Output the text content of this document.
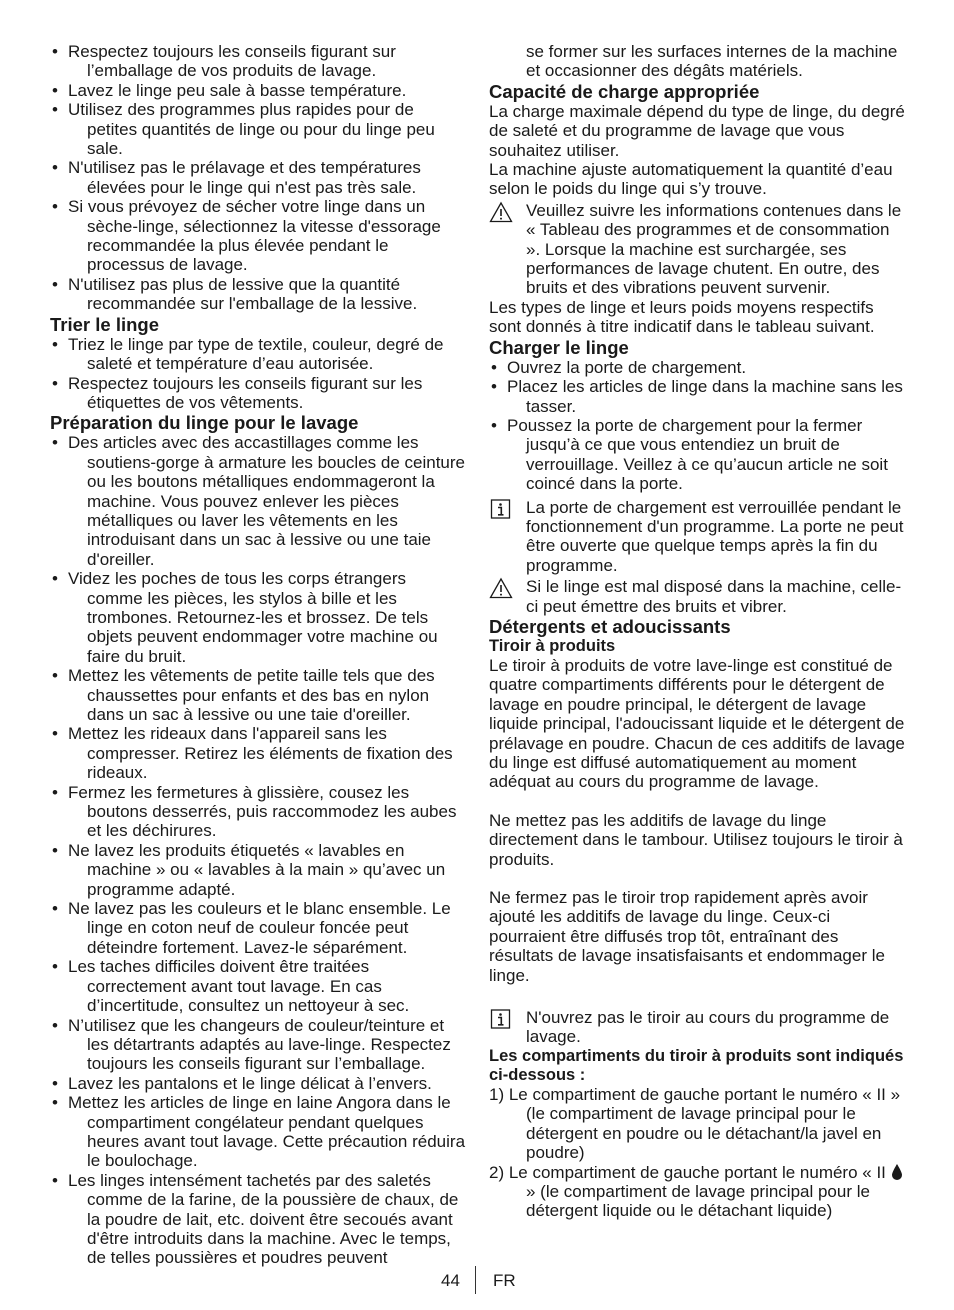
• Respectez toujours les conseils figurant sur l’emballage de vos produits de lavage.
• Lavez le linge peu sale à basse température.
• Utilisez des programmes plus rapides pour de petites quantités de linge ou pour du linge peu sale.
• N'utilisez pas le prélavage et des températures élevées pour le linge qui n'est pas très sale.
• Si vous prévoyez de sécher votre linge dans un sèche-linge, sélectionnez la vitesse d'essorage recommandée la plus élevée pendant le processus de lavage.
• N'utilisez pas plus de lessive que la quantité recommandée sur l'emballage de la lessive.

Trier le linge

• Triez le linge par type de textile, couleur, degré de saleté et température d’eau autorisée.
• Respectez toujours les conseils figurant sur les étiquettes de vos vêtements.

Préparation du linge pour le lavage

• Des articles avec des accastillages comme les soutiens-gorge à armature les boucles de ceinture ou les boutons métalliques endommageront la machine. Vous pouvez enlever les pièces métalliques ou laver les vêtements en les introduisant dans un sac à lessive ou une taie d'oreiller.
• Videz les poches de tous les corps étrangers comme les pièces, les stylos à bille et les trombones. Retournez-les et brossez. De tels objets peuvent endommager votre machine ou faire du bruit.
• Mettez les vêtements de petite taille tels que des chaussettes pour enfants et des bas en nylon dans un sac à lessive ou une taie d'oreiller.
• Mettez les rideaux dans l'appareil sans les compresser. Retirez les éléments de fixation des rideaux.
• Fermez les fermetures à glissière, cousez les boutons desserrés, puis raccommodez les aubes et les déchirures.
• Ne lavez les produits étiquetés « lavables en machine » ou « lavables à la main » qu’avec un programme adapté.
• Ne lavez pas les couleurs et le blanc ensemble. Le linge en coton neuf de couleur foncée peut déteindre fortement. Lavez-le séparément.
• Les taches difficiles doivent être traitées correctement avant tout lavage. En cas d’incertitude, consultez un nettoyeur à sec.
• N’utilisez que les changeurs de couleur/teinture et les détartrants adaptés au lave-linge. Respectez toujours les conseils figurant sur l’emballage.
• Lavez les pantalons et le linge délicat à l’envers.
• Mettez les articles de linge en laine Angora dans le compartiment congélateur pendant quelques heures avant tout lavage. Cette précaution réduira le boulochage.
• Les linges intensément tachetés par des saletés comme de la farine, de la poussière de chaux, de la poudre de lait, etc. doivent être secoués avant d'être introduits dans la machine. Avec le temps, de telles poussières et poudres peuvent

se former sur les surfaces internes de la machine et occasionner des dégâts matériels.

Capacité de charge appropriée

La charge maximale dépend du type de linge, du degré de saleté et du programme de lavage que vous souhaitez utiliser.

La machine ajuste automatiquement la quantité d’eau selon le poids du linge qui s’y trouve.

Veuillez suivre les informations contenues dans le « Tableau des programmes et de consommation ». Lorsque la machine est surchargée, ses performances de lavage chutent. En outre, des bruits et des vibrations peuvent survenir.

Les types de linge et leurs poids moyens respectifs sont donnés à titre indicatif dans le tableau suivant.

Charger le linge

• Ouvrez la porte de chargement.
• Placez les articles de linge dans la machine sans les tasser.
• Poussez la porte de chargement pour la fermer jusqu’à ce que vous entendiez un bruit de verrouillage. Veillez à ce qu’aucun article ne soit coincé dans la porte.
La porte de chargement est verrouillée pendant le fonctionnement d'un programme. La porte ne peut être ouverte que quelque temps après la fin du programme.
Si le linge est mal disposé dans la machine, celle-ci peut émettre des bruits et vibrer.

Détergents et adoucissants

Tiroir à produits

Le tiroir à produits de votre lave-linge est constitué de quatre compartiments différents pour le détergent de lavage en poudre principal, le détergent de lavage liquide principal, l'adoucissant liquide et le détergent de prélavage en poudre. Chacun de ces additifs de lavage du linge est diffusé automatiquement au moment adéquat au cours du programme de lavage.

Ne mettez pas les additifs de lavage du linge directement dans le tambour. Utilisez toujours le tiroir à produits.

Ne fermez pas le tiroir trop rapidement après avoir ajouté les additifs de lavage du linge. Ceux-ci pourraient être diffusés trop tôt, entraînant des résultats de lavage insatisfaisants et endommager le linge.

N'ouvrez pas le tiroir au cours du programme de lavage.

Les compartiments du tiroir à produits sont indiqués ci-dessous :

1) Le compartiment de gauche portant le numéro « II » (le compartiment de lavage principal pour le détergent en poudre ou le détachant/la javel en poudre)

2) Le compartiment de gauche portant le numéro « II  » (le compartiment de lavage principal pour le détergent liquide ou le détachant liquide)

44 FR
